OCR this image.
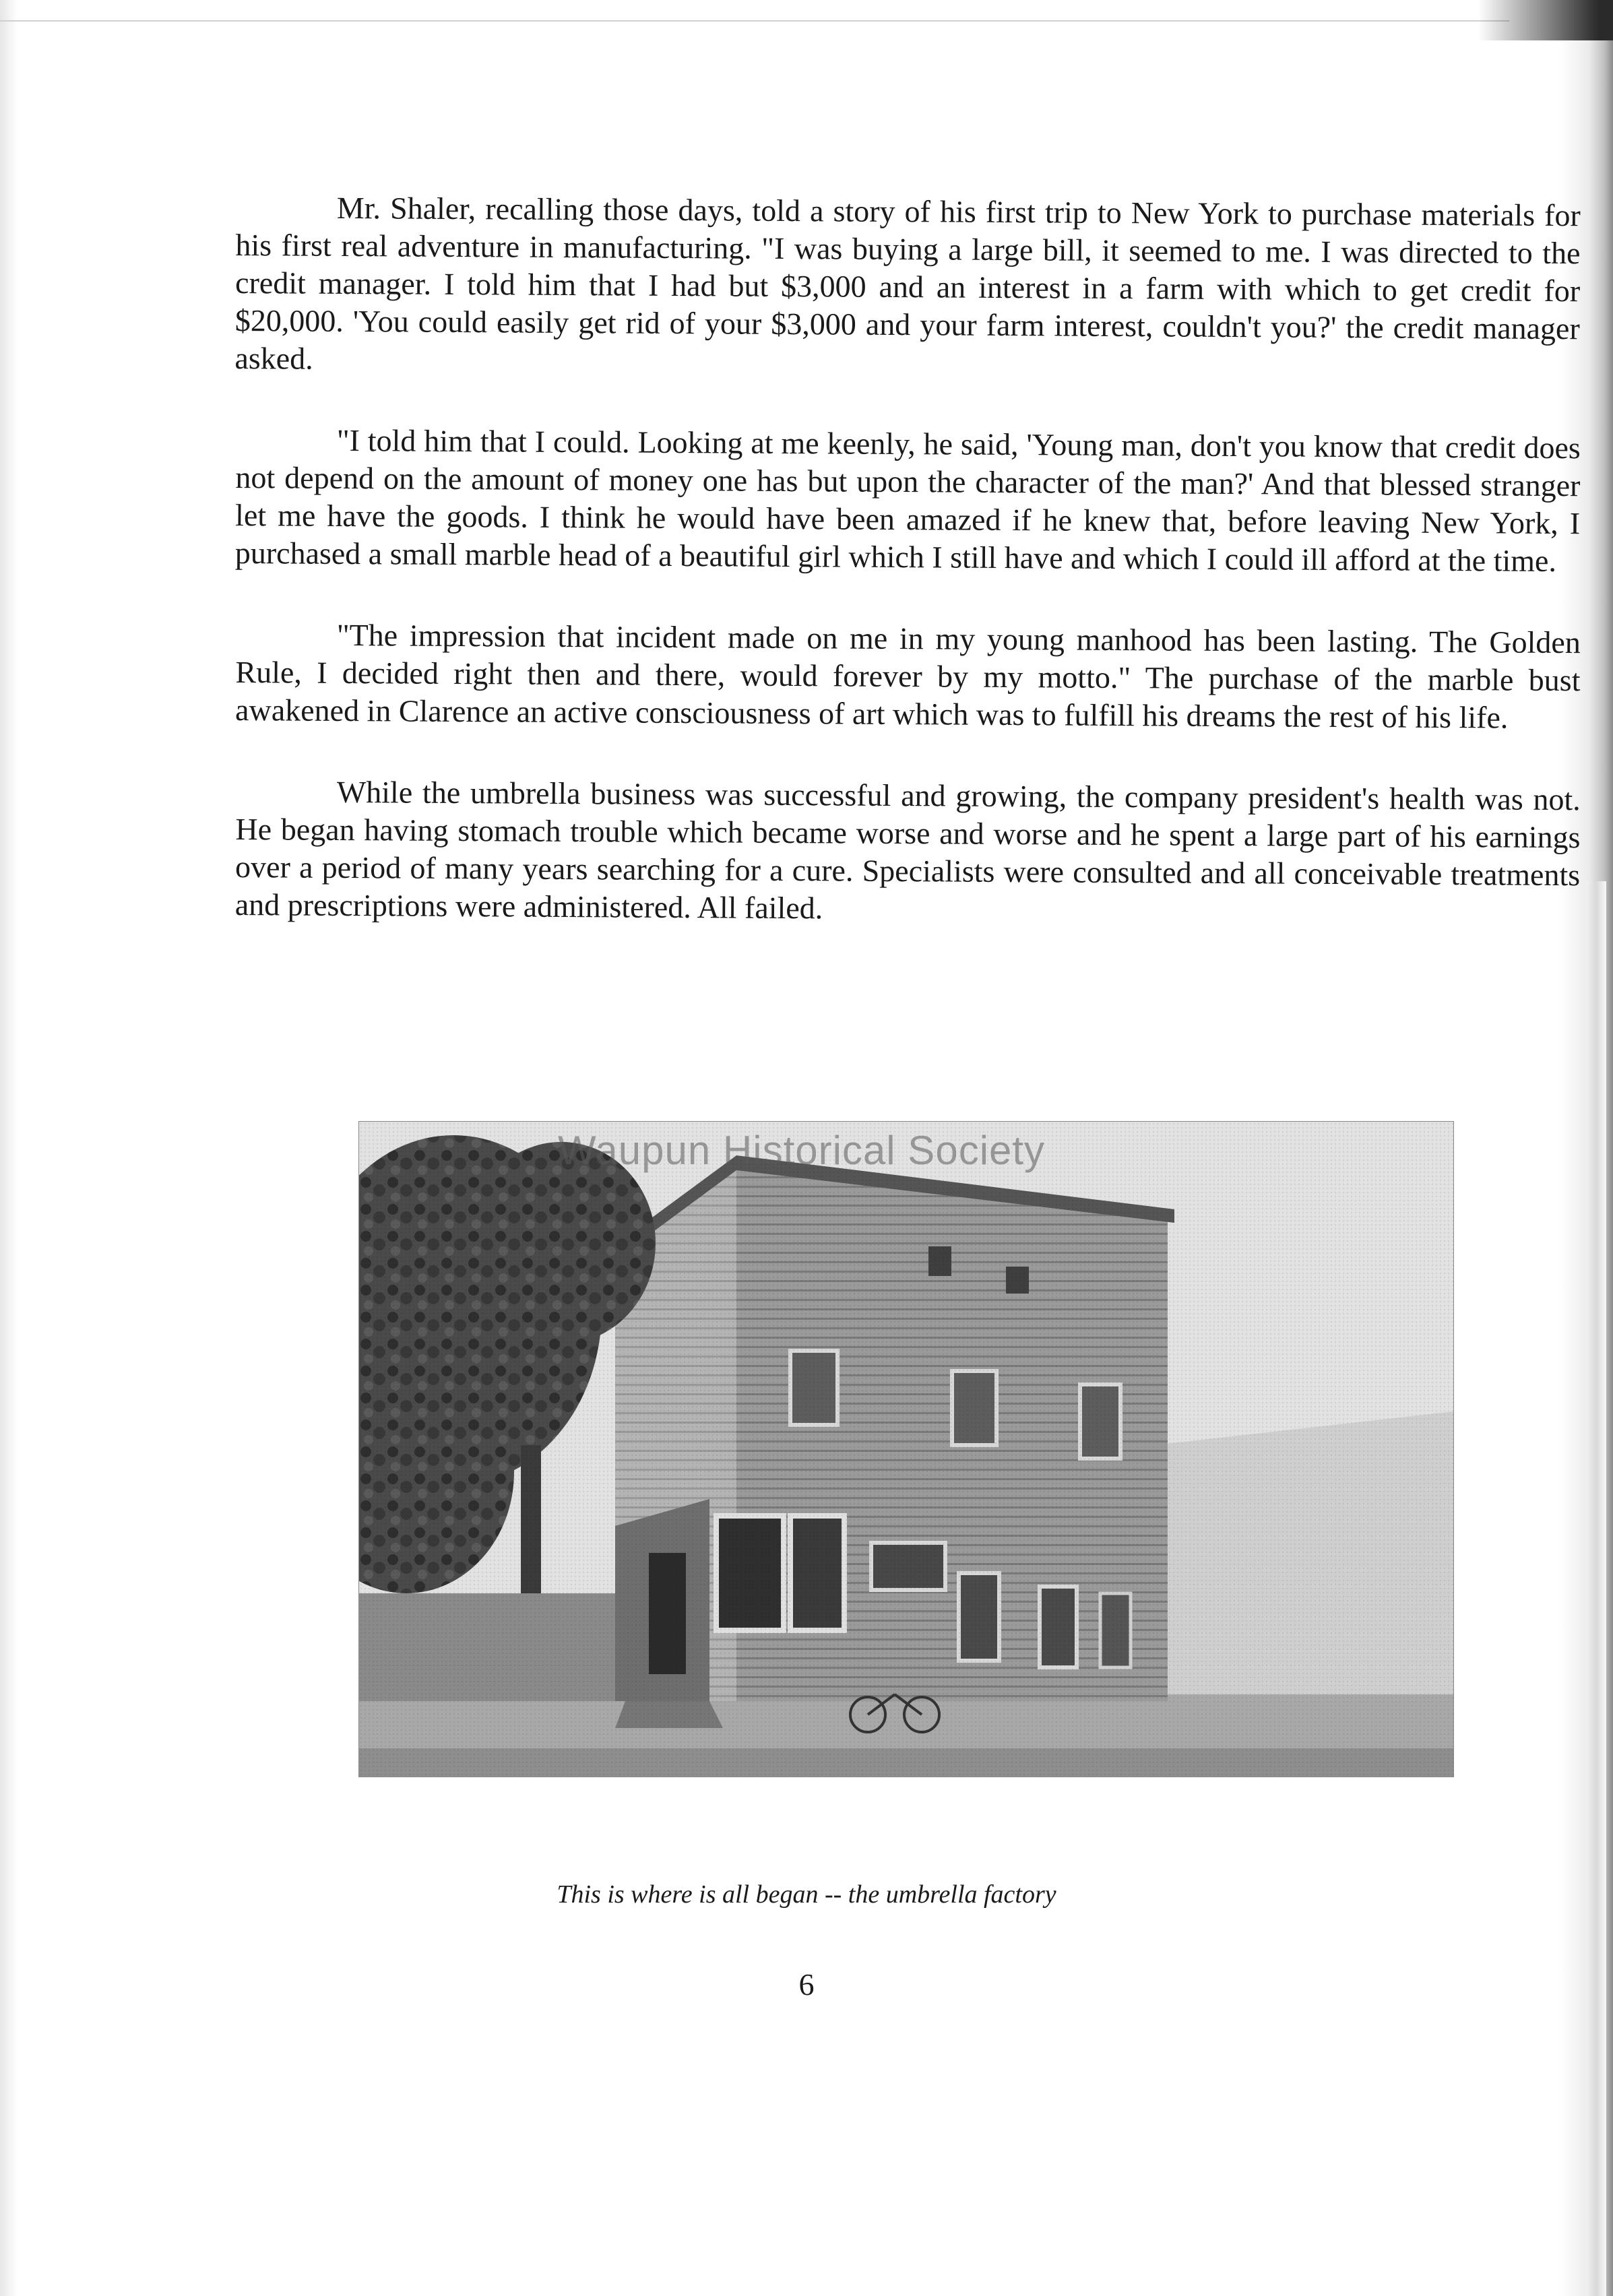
Mr. Shaler, recalling those days, told a story of his first trip to New York to purchase materials for his first real adventure in manufacturing. "I was buying a large bill, it seemed to me. I was directed to the credit manager. I told him that I had but $3,000 and an interest in a farm with which to get credit for $20,000. 'You could easily get rid of your $3,000 and your farm interest, couldn't you?' the credit manager asked.

"I told him that I could. Looking at me keenly, he said, 'Young man, don't you know that credit does not depend on the amount of money one has but upon the character of the man?' And that blessed stranger let me have the goods. I think he would have been amazed if he knew that, before leaving New York, I purchased a small marble head of a beautiful girl which I still have and which I could ill afford at the time.

"The impression that incident made on me in my young manhood has been lasting. The Golden Rule, I decided right then and there, would forever by my motto." The purchase of the marble bust awakened in Clarence an active consciousness of art which was to fulfill his dreams the rest of his life.

While the umbrella business was successful and growing, the company president's health was not. He began having stomach trouble which became worse and worse and he spent a large part of his earnings over a period of many years searching for a cure. Specialists were consulted and all conceivable treatments and prescriptions were administered. All failed.

Waupun Historical Society
This is where is all began -- the umbrella factory
6
